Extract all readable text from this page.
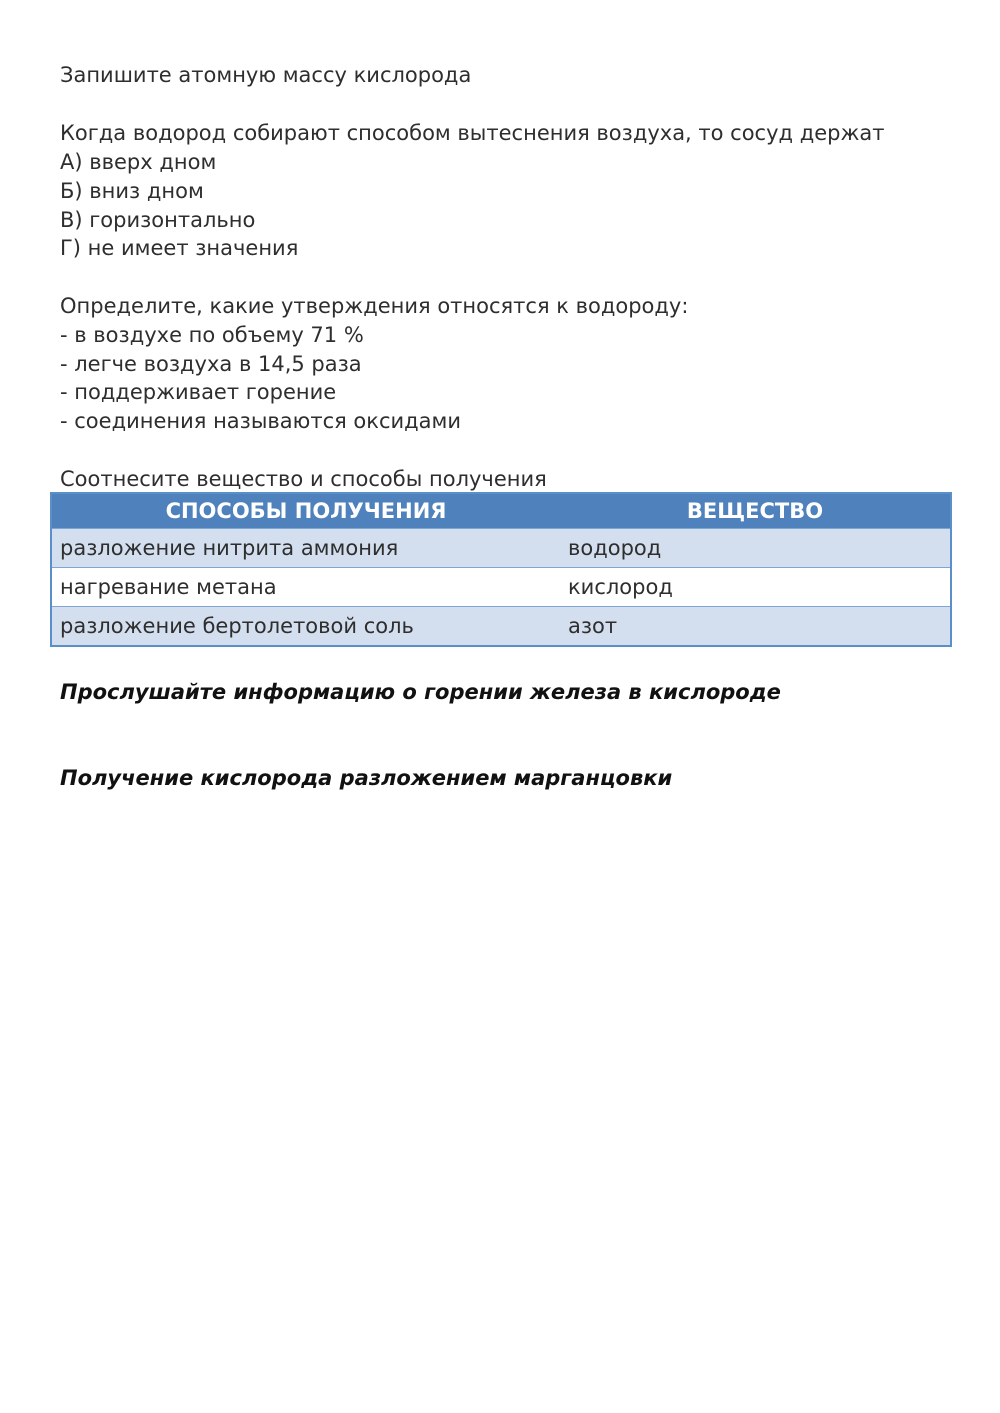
Запишите атомную массу кислорода
Когда водород собирают способом вытеснения воздуха, то сосуд держат
А) вверх дном
Б) вниз дном
В) горизонтально
Г) не имеет значения
Определите, какие утверждения относятся к водороду:
- в воздухе по объему 71 %
- легче воздуха в 14,5 раза
- поддерживает горение
- соединения называются оксидами
Соотнесите вещество и способы получения
СПОСОБЫ ПОЛУЧЕНИЯ	ВЕЩЕСТВО
разложение нитрита аммония	водород
нагревание метана	кислород
разложение бертолетовой соль	азот
Прослушайте информацию о горении железа в кислороде
Получение кислорода разложением марганцовки
